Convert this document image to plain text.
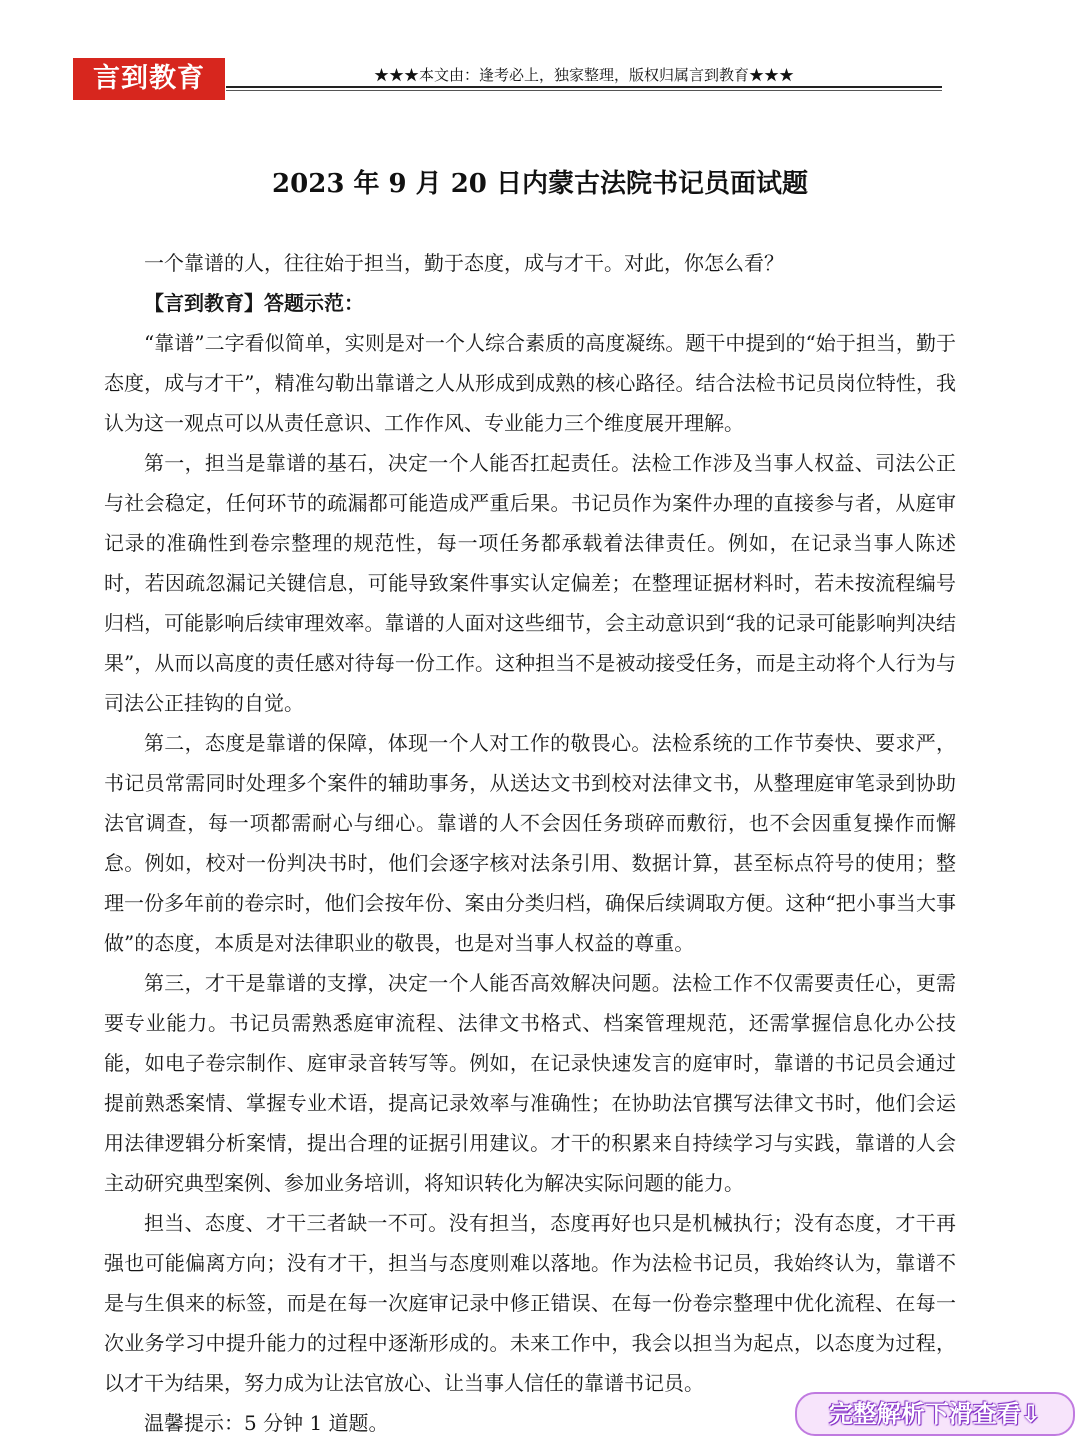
言到教育	★★★本文由：逢考必上，独家整理，版权归属言到教育★★★
2023 年 9 月 20 日内蒙古法院书记员面试题

一个靠谱的人，往往始于担当，勤于态度，成与才干。对此，你怎么看？

【言到教育】答题示范：

“靠谱”二字看似简单，实则是对一个人综合素质的高度凝练。题干中提到的“始于担当，勤于态度，成与才干”，精准勾勒出靠谱之人从形成到成熟的核心路径。结合法检书记员岗位特性，我认为这一观点可以从责任意识、工作作风、专业能力三个维度展开理解。

第一，担当是靠谱的基石，决定一个人能否扛起责任。法检工作涉及当事人权益、司法公正与社会稳定，任何环节的疏漏都可能造成严重后果。书记员作为案件办理的直接参与者，从庭审记录的准确性到卷宗整理的规范性，每一项任务都承载着法律责任。例如，在记录当事人陈述时，若因疏忽漏记关键信息，可能导致案件事实认定偏差；在整理证据材料时，若未按流程编号归档，可能影响后续审理效率。靠谱的人面对这些细节，会主动意识到“我的记录可能影响判决结果”，从而以高度的责任感对待每一份工作。这种担当不是被动接受任务，而是主动将个人行为与司法公正挂钩的自觉。

第二，态度是靠谱的保障，体现一个人对工作的敬畏心。法检系统的工作节奏快、要求严，书记员常需同时处理多个案件的辅助事务，从送达文书到校对法律文书，从整理庭审笔录到协助法官调查，每一项都需耐心与细心。靠谱的人不会因任务琐碎而敷衍，也不会因重复操作而懈怠。例如，校对一份判决书时，他们会逐字核对法条引用、数据计算，甚至标点符号的使用；整理一份多年前的卷宗时，他们会按年份、案由分类归档，确保后续调取方便。这种“把小事当大事做”的态度，本质是对法律职业的敬畏，也是对当事人权益的尊重。

第三，才干是靠谱的支撑，决定一个人能否高效解决问题。法检工作不仅需要责任心，更需要专业能力。书记员需熟悉庭审流程、法律文书格式、档案管理规范，还需掌握信息化办公技能，如电子卷宗制作、庭审录音转写等。例如，在记录快速发言的庭审时，靠谱的书记员会通过提前熟悉案情、掌握专业术语，提高记录效率与准确性；在协助法官撰写法律文书时，他们会运用法律逻辑分析案情，提出合理的证据引用建议。才干的积累来自持续学习与实践，靠谱的人会主动研究典型案例、参加业务培训，将知识转化为解决实际问题的能力。

担当、态度、才干三者缺一不可。没有担当，态度再好也只是机械执行；没有态度，才干再强也可能偏离方向；没有才干，担当与态度则难以落地。作为法检书记员，我始终认为，靠谱不是与生俱来的标签，而是在每一次庭审记录中修正错误、在每一份卷宗整理中优化流程、在每一次业务学习中提升能力的过程中逐渐形成的。未来工作中，我会以担当为起点，以态度为过程，以才干为结果，努力成为让法官放心、让当事人信任的靠谱书记员。

温馨提示：5 分钟 1 道题。	完整解析下滑查看⇩
